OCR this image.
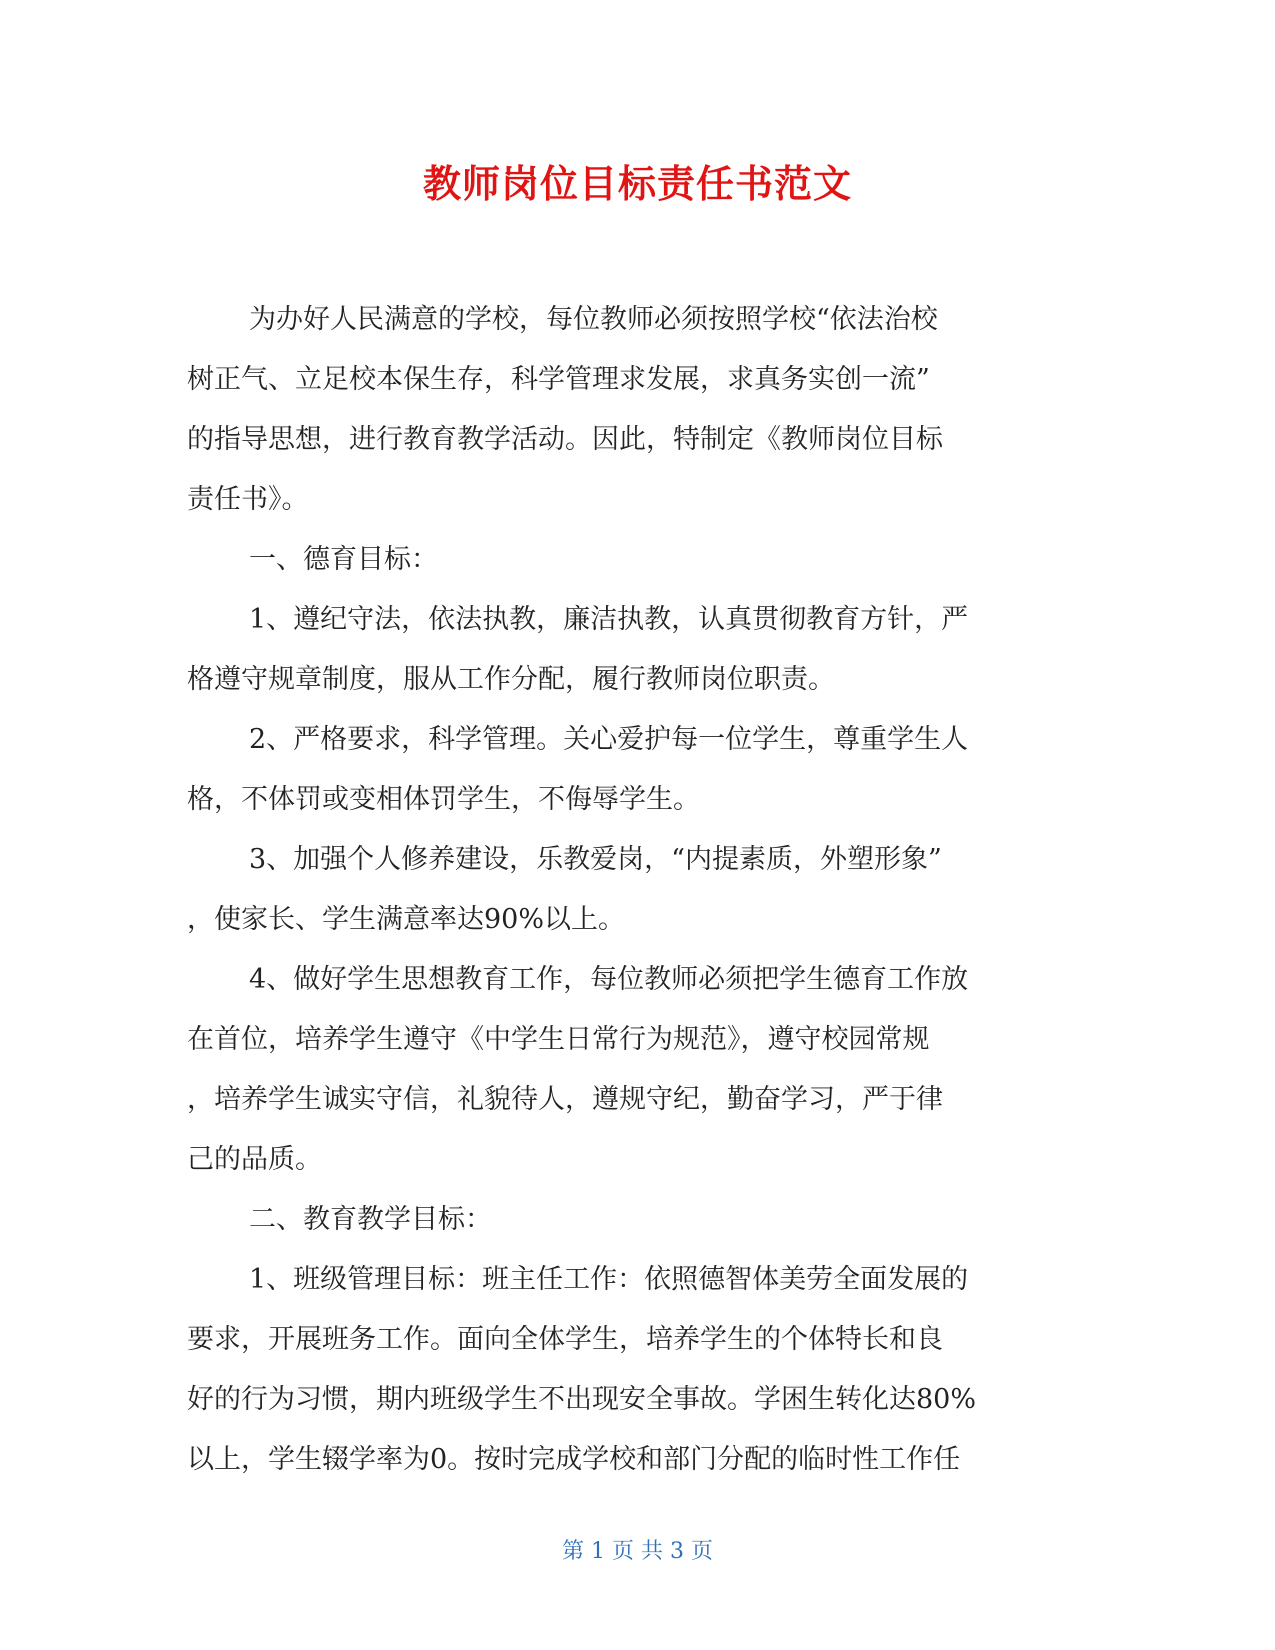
教师岗位目标责任书范文
为办好人民满意的学校，每位教师必须按照学校“依法治校
树正气、立足校本保生存，科学管理求发展，求真务实创一流”
的指导思想，进行教育教学活动。因此，特制定《教师岗位目标
责任书》。
一、德育目标：
1、遵纪守法，依法执教，廉洁执教，认真贯彻教育方针，严
格遵守规章制度，服从工作分配，履行教师岗位职责。
2、严格要求，科学管理。关心爱护每一位学生，尊重学生人
格，不体罚或变相体罚学生，不侮辱学生。
3、加强个人修养建设，乐教爱岗，“内提素质，外塑形象”
，使家长、学生满意率达90%以上。
4、做好学生思想教育工作，每位教师必须把学生德育工作放
在首位，培养学生遵守《中学生日常行为规范》，遵守校园常规
，培养学生诚实守信，礼貌待人，遵规守纪，勤奋学习，严于律
己的品质。
二、教育教学目标：
1、班级管理目标：班主任工作：依照德智体美劳全面发展的
要求，开展班务工作。面向全体学生，培养学生的个体特长和良
好的行为习惯，期内班级学生不出现安全事故。学困生转化达80%
以上，学生辍学率为0。按时完成学校和部门分配的临时性工作任
第 1 页 共 3 页
